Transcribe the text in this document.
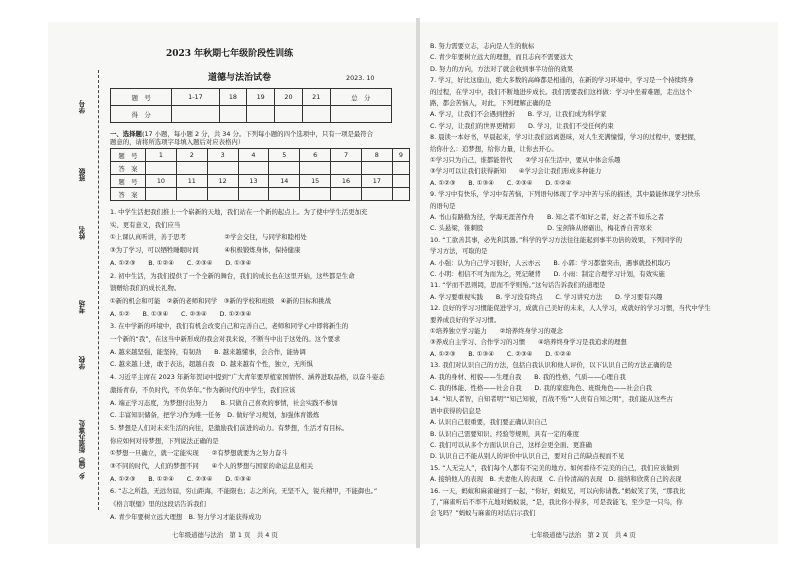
2023 年秋期七年级阶段性训练
道德与法治试卷	2023. 10
题　号	1-17	18	19	20	21	总　分
得　分						
一、选择题(17 小题，每小题 2 分，共 34 分。下列每小题的四个选项中，只有一项是最符合
题意的，请将所选项字母填入题后对应表格内）
题　号	1	2	3	4	5	6	7	8	9
答　案									
题　号	10	11	12	13	14	15	16	17	
答　案									
1. 中学生活把我们推上一个崭新的天地，我们站在一个新的起点上。为了使中学生活更加充
实、更有意义，我们应当
①上课认真听讲，善于思考　　　　　　②学会交往，与同学和睦相处
③为了学习，可以牺牲睡眠时间　　　　④积极锻炼身体，保持健康
A. ①②③　　B. ①②④　　C. ②③④　　D. ①③④
2. 初中生活，为我们提供了一个全新的舞台，我们的成长也在这里开始，这些都是生命
馈赠给我们的成长礼物。
①新的机会和可能　②新的老师和同学　③新的学校和班级　④新的目标和挑战
A. ①②　　B. ①③④　　C. ②③④　　D. ①②③④
3. 在中学新的环境中，我们有机会改变自己和完善自己，老师和同学心中即将新生的
一个新的“我”，在这当中新形成的我会对我来说，不断当中出于这处的。这个要求
A. 越来越坚强，能坚持，有韧劲　　B. 越来越懂事，会合作，能协调
C. 越来越上进，敢于表达，超越自我　D. 越来越有个性，独立，无所惧
4. 习近平主席在 2023 年新年贺词中提到“广大青年要厚植家国情怀、涵养进取品格，以奋斗姿态
激扬青春，不负时代，不负华年。”作为新时代的中学生，我们应该
A. 端正学习态度，为梦想付出努力　　B. 只做自己喜欢的事情，社会实践不参加
C. 丰富知识储备，把学习作为唯一任务　D. 做好学习规划，加强体育锻炼
5. 梦想是人们对未来生活的向往，是激励我们前进的动力。有梦想，生活才有目标。
你应如何对待梦想，下列说法正确的是
①梦想一旦确立，就一定能实现　　②有梦想就要为之努力奋斗
③不同的时代，人们的梦想不同　　④个人的梦想与国家的命运息息相关
A. ①②③　　B. ①②④　　C. ②③④　　D. ①③④
6. “志之所趋，无远勿届，穷山距海，不能限也；志之所向，无坚不入，锐兵精甲，不能御也。”
《格言联璧》里的这段话告诉我们
A. 青少年要树立远大理想　B. 努力学习才能获得成功
七年级道德与法治　第 1 页　共 4 页
学号
班级
姓名
考场
学校
乡（镇）街道办事处
B. 努力需要立志，志向是人生的航标
C. 青少年要树立远大的理想，而且志向不需要远大
D. 努力的方向，方法对了就会收到事半功倍的效果
7. 学习，好比这座山，绝大多数的高峰都是相通的，在新的学习环境中，学习是一个持续终身
的过程，在学习中，我们不断地进步成长。我们需要我们这样做：学习中坐着难题，走出这个
路，都会苦恼人，对此，下列理解正确的是
A. 学习，让我们不会遇到挫折　　B. 学习，让我们成为科学家
C. 学习，让我们的世界更精彩　　D. 学习，让我们不受任何约束
8. 晨读一本好书，早晨起来，学习让我们远离愚昧，对人生充满憧憬，学习的过程中，要把握，
给你什么：追梦想，给你力量，让你去开心。
①学习只为自己，谁都能替代　　②学习在生活中，要从中体会乐趣
③学习可以让我们获得新知　　④学习会让我们形成多种能力
A. ①②③　　B. ①③④　　C. ②③④　　D. ①②④
9. 学习中有快乐，学习中有苦恼，下列语句体现了学习中苦与乐的描述，其中最能体现学习快乐
的语句是
A. 书山有路勤为径，学海无涯苦作舟　　B. 知之者不如好之者，好之者不如乐之者
C. 头悬梁，锥刺股　　　　　　　　　　D. 宝剑锋从磨砺出，梅花香自苦寒来
10. “工欲善其事，必先利其器。”科学的学习方法往往能起到事半功倍的效果，下列同学的
学习方法，可取的是
A. 小强：认为自己学习很好，人云亦云　　B. 小郭：学习都靠突击，遇事就投机取巧
C. 小明：相信不可为而为之，死记硬背　　D. 小雨：制定合理学习计划，有效实施
11. “学而不思则罔，思而不学则殆。”这句话告诉我们的道理是
A. 学习要重视实践　　B. 学习没有终点　　C. 学习讲究方法　　D. 学习要有兴趣
12. 良好的学习习惯能促进学习，成就自己美好的未来，人人学习，成就好的学习习惯，当代中学生
要养成良好的学习习惯。
①培养独立学习能力　　②培养终身学习的观念
③养成自主学习、合作学习的习惯　　④培养终身学习是我追求的理想
A. ①②③　　B. ①③④　　C. ②③④　　D. ①②④
13. 我们对认识自己的方法，包括自我认识和他人评价，以下认识自己的方法正确的是
A. 我的身材、相貌——生理自我　　B. 我的性格、气质——心理自我
C. 我的体能、性格——社会自我　　D. 我的家庭角色、班级角色——社会自我
14. “知人者智，自知者明”“知己知彼，百战不殆”“人贵有自知之明”，我们能从这些古
语中获得的信息是
A. 认识自己很重要，我们要正确认识自己
B. 认识自己需要知识、经验等规则，具有一定的难度
C. 我们可以从多个方面认识自己，这样会更全面、更准确
D. 认识自己不能从别人的评价中认识自己，要对自己的缺点视而不见
15. “人无完人”，我们每个人都有不完美的地方。如何看待不完美的自己，我们应该做到
A. 接纳他人的表现　B. 夫妻他人的表现　C. 自怜清高的表现　D. 接纳和欣赏自己的表现
16. 一天，蚂蚁和麻雀碰到了一起，“你好，蚂蚁兄，可以向你请教。”蚂蚁笑了笑，“那我比
了，”麻雀听后不率不亢地对蚂蚁说，“是，我比你小得多，可是我能飞，至少是一只鸟，你
会飞吗？”蚂蚁与麻雀的对话启示我们
七年级道德与法治　第 2 页　共 4 页
